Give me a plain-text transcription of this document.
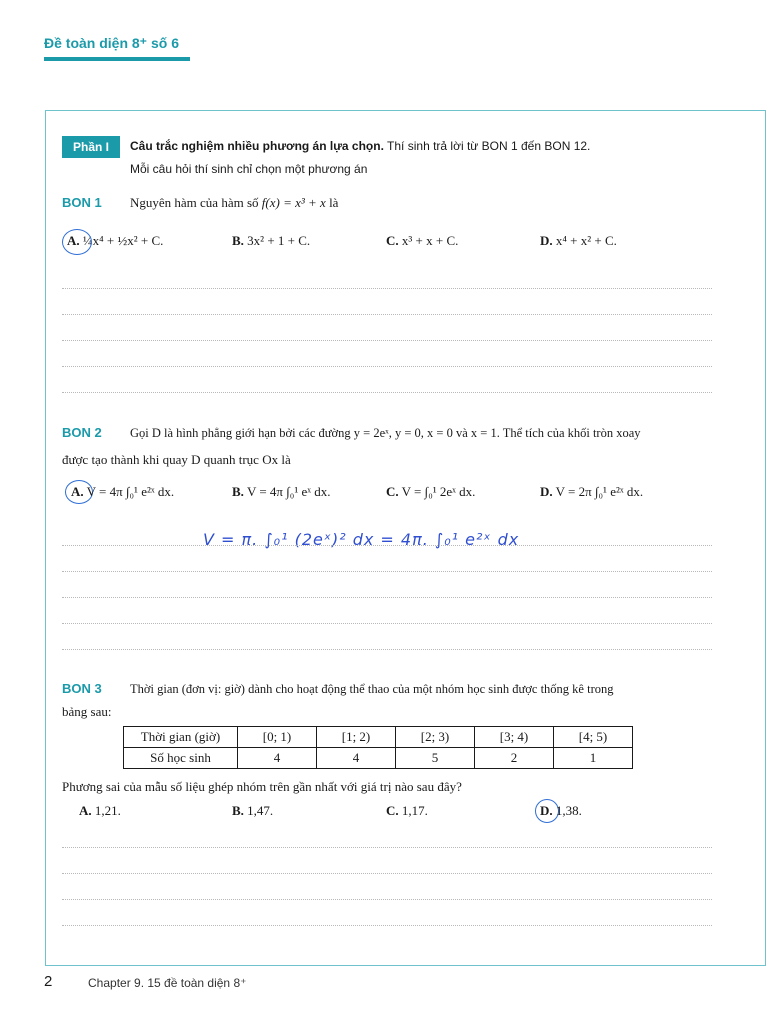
Đề toàn diện 8⁺ số 6
Phần I	Câu trắc nghiệm nhiều phương án lựa chọn. Thí sinh trả lời từ BON 1 đến BON 12.
Mỗi câu hỏi thí sinh chỉ chọn một phương án
BON 1 Nguyên hàm của hàm số f(x) = x³ + x là
A. ¼x⁴ + ½x² + C.	B. 3x² + 1 + C.	C. x³ + x + C.	D. x⁴ + x² + C.
BON 2 Gọi D là hình phẳng giới hạn bởi các đường y = 2eˣ, y = 0, x = 0 và x = 1. Thể tích của khối tròn xoay
được tạo thành khi quay D quanh trục Ox là
A. V = 4π ∫₀¹ e²ˣ dx.	B. V = 4π ∫₀¹ eˣ dx.	C. V = ∫₀¹ 2eˣ dx.	D. V = 2π ∫₀¹ e²ˣ dx.
V = π. ∫₀¹ (2eˣ)² dx = 4π. ∫₀¹ e²ˣ dx
BON 3 Thời gian (đơn vị: giờ) dành cho hoạt động thể thao của một nhóm học sinh được thống kê trong
bảng sau:
Thời gian (giờ)	[0; 1)	[1; 2)	[2; 3)	[3; 4)	[4; 5)
Số học sinh	4	4	5	2	1
Phương sai của mẫu số liệu ghép nhóm trên gần nhất với giá trị nào sau đây?
A. 1,21.	B. 1,47.	C. 1,17.	D. 1,38.
2	Chapter 9. 15 đề toàn diện 8⁺
